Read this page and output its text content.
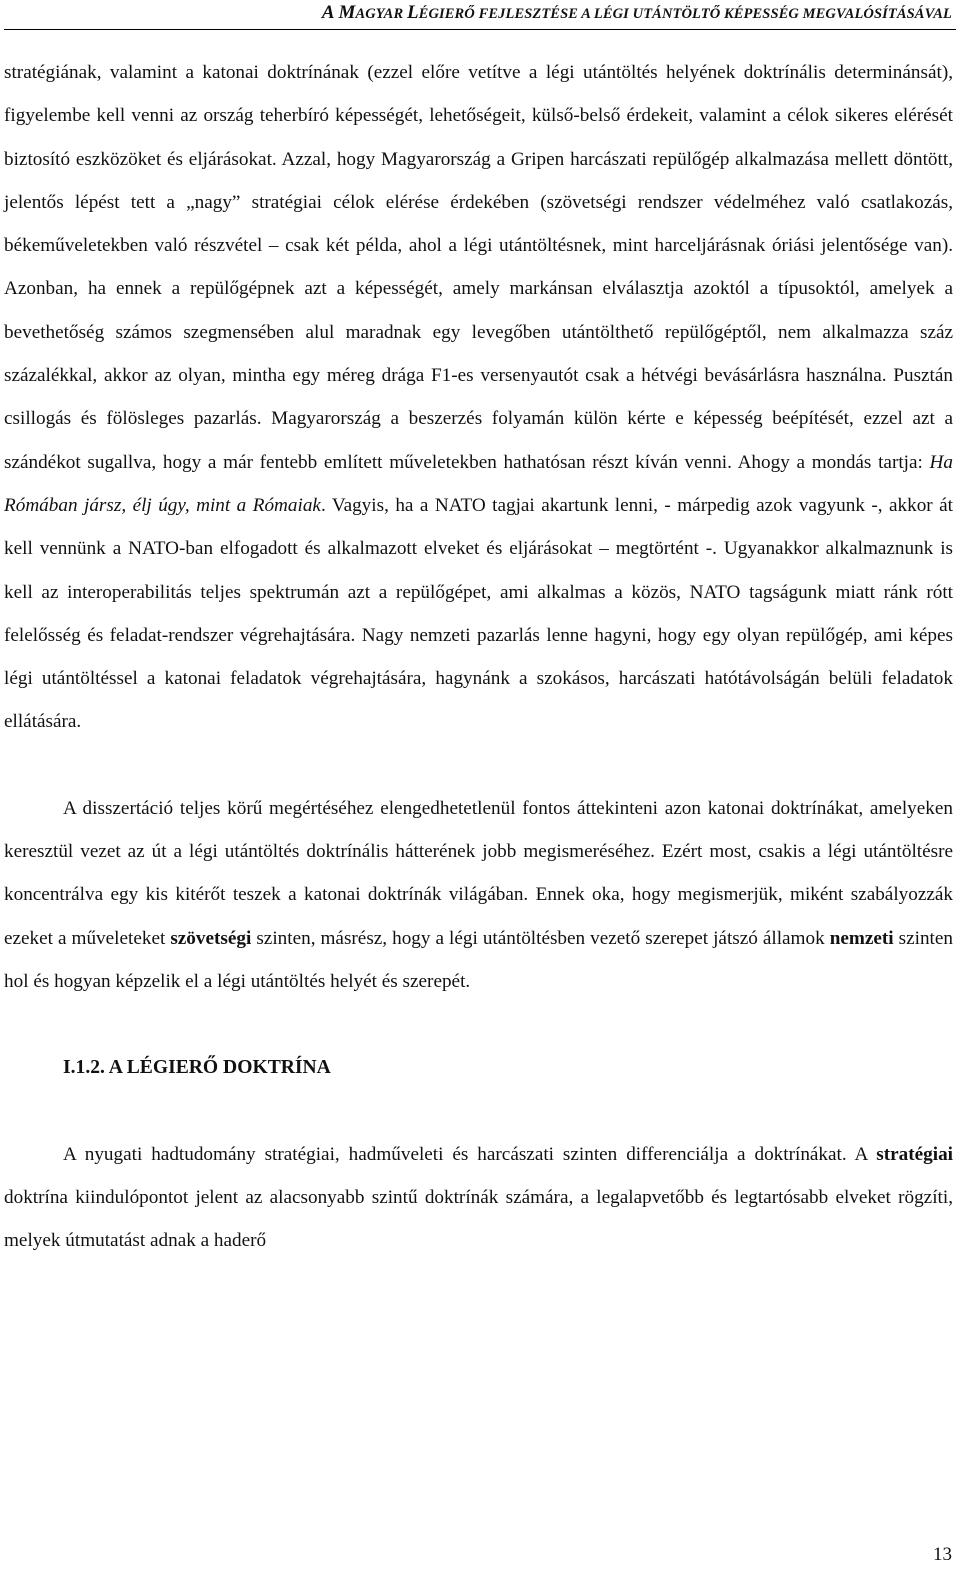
A MAGYAR LÉGIERŐ FEJLESZTÉSE A LÉGI UTÁNTÖLTŐ KÉPESSÉG MEGVALÓSÍTÁSÁVAL

stratégiának, valamint a katonai doktrínának (ezzel előre vetítve a légi utántöltés helyének doktrínális determinánsát), figyelembe kell venni az ország teherbíró képességét, lehetőségeit, külső-belső érdekeit, valamint a célok sikeres elérését biztosító eszközöket és eljárásokat. Azzal, hogy Magyarország a Gripen harcászati repülőgép alkalmazása mellett döntött, jelentős lépést tett a „nagy” stratégiai célok elérése érdekében (szövetségi rendszer védelméhez való csatlakozás, békeműveletekben való részvétel – csak két példa, ahol a légi utántöltésnek, mint harceljárásnak óriási jelentősége van). Azonban, ha ennek a repülőgépnek azt a képességét, amely markánsan elválasztja azoktól a típusoktól, amelyek a bevethetőség számos szegmensében alul maradnak egy levegőben utántölthető repülőgéptől, nem alkalmazza száz százalékkal, akkor az olyan, mintha egy méreg drága F1-es versenyautót csak a hétvégi bevásárlásra használna. Pusztán csillogás és fölösleges pazarlás. Magyarország a beszerzés folyamán külön kérte e képesség beépítését, ezzel azt a szándékot sugallva, hogy a már fentebb említett műveletekben hathatósan részt kíván venni. Ahogy a mondás tartja: Ha Rómában jársz, élj úgy, mint a Rómaiak. Vagyis, ha a NATO tagjai akartunk lenni, - márpedig azok vagyunk -, akkor át kell vennünk a NATO-ban elfogadott és alkalmazott elveket és eljárásokat – megtörtént -. Ugyanakkor alkalmaznunk is kell az interoperabilitás teljes spektrumán azt a repülőgépet, ami alkalmas a közös, NATO tagságunk miatt ránk rótt felelősség és feladat-rendszer végrehajtására. Nagy nemzeti pazarlás lenne hagyni, hogy egy olyan repülőgép, ami képes légi utántöltéssel a katonai feladatok végrehajtására, hagynánk a szokásos, harcászati hatótávolságán belüli feladatok ellátására.

A disszertáció teljes körű megértéséhez elengedhetetlenül fontos áttekinteni azon katonai doktrínákat, amelyeken keresztül vezet az út a légi utántöltés doktrínális hátterének jobb megismeréséhez. Ezért most, csakis a légi utántöltésre koncentrálva egy kis kitérőt teszek a katonai doktrínák világában. Ennek oka, hogy megismerjük, miként szabályozzák ezeket a műveleteket szövetségi szinten, másrész, hogy a légi utántöltésben vezető szerepet játszó államok nemzeti szinten hol és hogyan képzelik el a légi utántöltés helyét és szerepét.

I.1.2. A LÉGIERŐ DOKTRÍNA

A nyugati hadtudomány stratégiai, hadműveleti és harcászati szinten differenciálja a doktrínákat. A stratégiai doktrína kiindulópontot jelent az alacsonyabb szintű doktrínák számára, a legalapvetőbb és legtartósabb elveket rögzíti, melyek útmutatást adnak a haderő

13
